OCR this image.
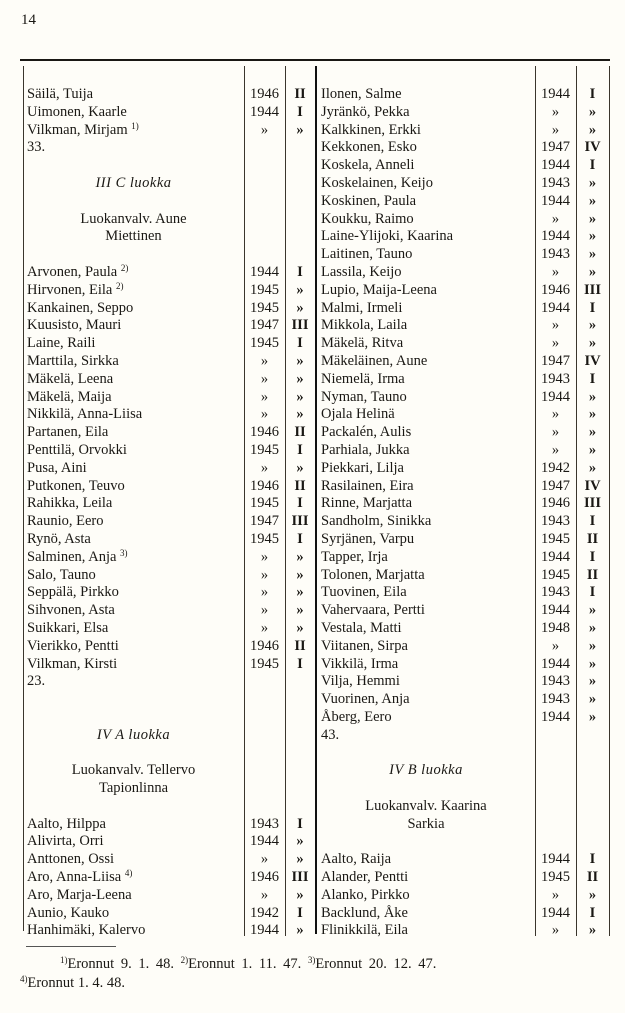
14
Säilä, Tuija	1946	II
Uimonen, Kaarle	1944	I
Vilkman, Mirjam $^{1)}$	»	»
33.
III C luokka
Luokanvalv. Aune
Miettinen
Arvonen, Paula $^{2)}$	1944	I
Hirvonen, Eila $^{2)}$	1945	»
Kankainen, Seppo	1945	»
Kuusisto, Mauri	1947 III
Laine, Raili	1945	I
Marttila, Sirkka	»	»
Mäkelä, Leena	»	»
Mäkelä, Maija	»	»
Nikkilä, Anna-Liisa	»	»
Partanen, Eila	1946	II
Penttilä, Orvokki	1945	I
Pusa, Aini	»	»
Putkonen, Teuvo	1946	II
Rahikka, Leila	1945	I
Raunio, Eero	1947 III
Rynö, Asta	1945	I
Salminen, Anja $^{3)}$	»	»
Salo, Tauno	»	»
Seppälä, Pirkko	»	»
Sihvonen, Asta	»	»
Suikkari, Elsa	»	»
Vierikko, Pentti	1946	II
Vilkman, Kirsti	1945	I
23.
IV A luokka
Luokanvalv. Tellervo
Tapionlinna
Aalto, Hilppa	1943	I
Alivirta, Orri	1944	»
Anttonen, Ossi	»	»
Aro, Anna-Liisa $^{4)}$	1946 III
Aro, Marja-Leena	»	»
Aunio, Kauko	1942	I
Hanhimäki, Kalervo	1944	»
Ilonen, Salme	1944	I
Jyränkö, Pekka	»	»
Kalkkinen, Erkki	»	»
Kekkonen, Esko	1947 IV
Koskela, Anneli	1944	I
Koskelainen, Keijo	1943	»
Koskinen, Paula	1944	»
Koukku, Raimo	»	»
Laine-Ylijoki, Kaarina	1944	»
Laitinen, Tauno	1943	»
Lassila, Keijo	»	»
Lupio, Maija-Leena	1946 III
Malmi, Irmeli	1944	I
Mikkola, Laila	»	»
Mäkelä, Ritva	»	»
Mäkeläinen, Aune	1947 IV
Niemelä, Irma	1943	I
Nyman, Tauno	1944	»
Ojala Helinä	»	»
Packalén, Aulis	»	»
Parhiala, Jukka	»	»
Piekkari, Lilja	1942	»
Rasilainen, Eira	1947 IV
Rinne, Marjatta	1946 III
Sandholm, Sinikka	1943	I
Syrjänen, Varpu	1945	II
Tapper, Irja	1944	I
Tolonen, Marjatta	1945	II
Tuovinen, Eila	1943	I
Vahervaara, Pertti	1944	»
Vestala, Matti	1948	»
Viitanen, Sirpa	»	»
Vikkilä, Irma	1944	»
Vilja, Hemmi	1943	»
Vuorinen, Anja	1943	»
Åberg, Eero	1944	»
43.
IV B luokka
Luokanvalv. Kaarina
Sarkia
Aalto, Raija	1944	I
Alander, Pentti	1945	II
Alanko, Pirkko	»	»
Backlund, Åke	1944	I
Flinikkilä, Eila	»	»
$^{1)}$Eronnut 9. 1. 48. $^{2)}$Eronnut 1. 11. 47. $^{3)}$Eronnut 20. 12. 47.
$^{4)}$Eronnut 1. 4. 48.
